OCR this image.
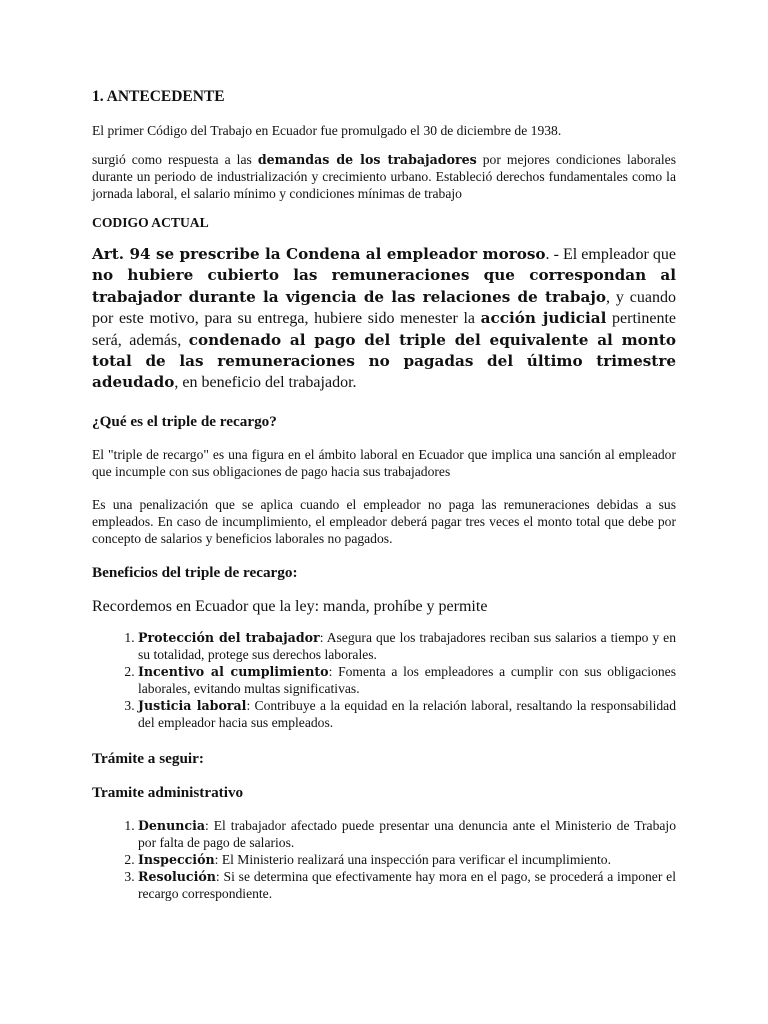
1. ANTECEDENTE

El primer Código del Trabajo en Ecuador fue promulgado el 30 de diciembre de 1938.

surgió como respuesta a las demandas de los trabajadores por mejores condiciones laborales durante un periodo de industrialización y crecimiento urbano. Estableció derechos fundamentales como la jornada laboral, el salario mínimo y condiciones mínimas de trabajo

CODIGO ACTUAL

Art. 94 se prescribe la Condena al empleador moroso. - El empleador que no hubiere cubierto las remuneraciones que correspondan al trabajador durante la vigencia de las relaciones de trabajo, y cuando por este motivo, para su entrega, hubiere sido menester la acción judicial pertinente será, además, condenado al pago del triple del equivalente al monto total de las remuneraciones no pagadas del último trimestre adeudado, en beneficio del trabajador.

¿Qué es el triple de recargo?

El "triple de recargo" es una figura en el ámbito laboral en Ecuador que implica una sanción al empleador que incumple con sus obligaciones de pago hacia sus trabajadores

Es una penalización que se aplica cuando el empleador no paga las remuneraciones debidas a sus empleados. En caso de incumplimiento, el empleador deberá pagar tres veces el monto total que debe por concepto de salarios y beneficios laborales no pagados.

Beneficios del triple de recargo:

Recordemos en Ecuador que la ley: manda, prohíbe y permite

1. Protección del trabajador: Asegura que los trabajadores reciban sus salarios a tiempo y en su totalidad, protege sus derechos laborales.
2. Incentivo al cumplimiento: Fomenta a los empleadores a cumplir con sus obligaciones laborales, evitando multas significativas.
3. Justicia laboral: Contribuye a la equidad en la relación laboral, resaltando la responsabilidad del empleador hacia sus empleados.
Trámite a seguir:
Tramite administrativo
1. Denuncia: El trabajador afectado puede presentar una denuncia ante el Ministerio de Trabajo por falta de pago de salarios.
2. Inspección: El Ministerio realizará una inspección para verificar el incumplimiento.
3. Resolución: Si se determina que efectivamente hay mora en el pago, se procederá a imponer el recargo correspondiente.
